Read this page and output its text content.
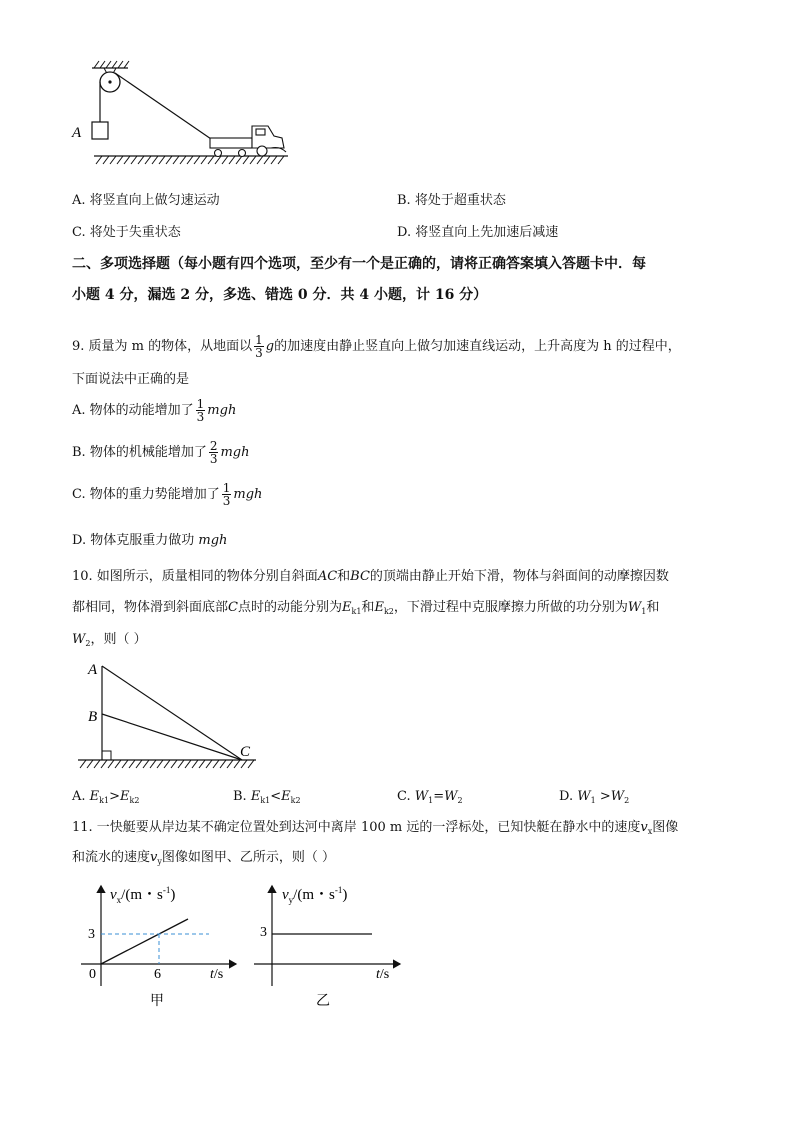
A
A. 将竖直向上做匀速运动	B. 将处于超重状态
C. 将处于失重状态	D. 将竖直向上先加速后减速
二、多项选择题（每小题有四个选项，至少有一个是正确的，请将正确答案填入答题卡中．每
小题 4 分，漏选 2 分，多选、错选 0 分．共 4 小题，计 16 分）
9. 质量为 m 的物体，从地面以 $\frac{1}{3}$ g的加速度由静止竖直向上做匀加速直线运动，上升高度为 h 的过程中，
下面说法中正确的是
A. 物体的动能增加了 $\frac{1}{3}$ mgh
B. 物体的机械能增加了 $\frac{2}{3}$ mgh
C. 物体的重力势能增加了 $\frac{1}{3}$ mgh
D. 物体克服重力做功 mgh
10. 如图所示，质量相同的物体分别自斜面AC和BC的顶端由静止开始下滑，物体与斜面间的动摩擦因数
都相同，物体滑到斜面底部C点时的动能分别为$E_{k1}$和$E_{k2}$，下滑过程中克服摩擦力所做的功分别为$W_1$和
$W_2$，则（ ）
A
B
C
A. $E_{k1}>E_{k2}$	B. $E_{k1}<E_{k2}$	C. $W_1=W_2$	D. $W_1 >W_2$
11. 一快艇要从岸边某不确定位置处到达河中离岸 100 m 远的一浮标处，已知快艇在静水中的速度$v_x$图像
和流水的速度$v_y$图像如图甲、乙所示，则（ ）
$v_x/(m$・$s^{-1}$)
3
0	6	t/s
甲
$v_y/(m$・$s^{-1}$)
3
t/s
乙
